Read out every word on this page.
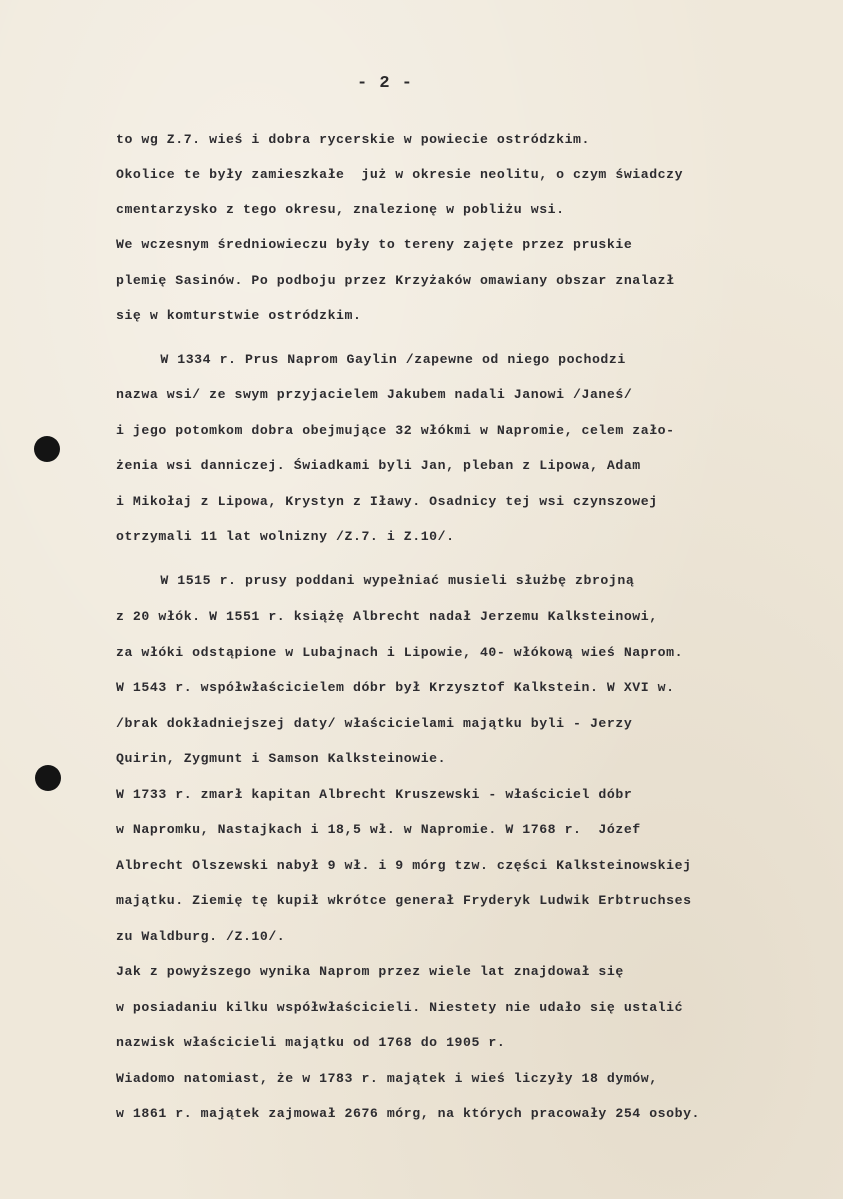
- 2 -
to wg Z.7. wieś i dobra rycerskie w powiecie ostródzkim.
Okolice te były zamieszkałe  już w okresie neolitu, o czym świadczy
cmentarzysko z tego okresu, znalezionę w pobliżu wsi.
We wczesnym średniowieczu były to tereny zajęte przez pruskie
plemię Sasinów. Po podboju przez Krzyżaków omawiany obszar znalazł
się w komturstwie ostródzkim.
W 1334 r. Prus Naprom Gaylin /zapewne od niego pochodzi
nazwa wsi/ ze swym przyjacielem Jakubem nadali Janowi /Janeś/
i jego potomkom dobra obejmujące 32 włókmi w Napromie, celem zało-
żenia wsi danniczej. Świadkami byli Jan, pleban z Lipowa, Adam
i Mikołaj z Lipowa, Krystyn z Iławy. Osadnicy tej wsi czynszowej
otrzymali 11 lat wolnizny /Z.7. i Z.10/.
W 1515 r. prusy poddani wypełniać musieli służbę zbrojną
z 20 włók. W 1551 r. książę Albrecht nadał Jerzemu Kalksteinowi,
za włóki odstąpione w Lubajnach i Lipowie, 40- włókową wieś Naprom.
W 1543 r. współwłaścicielem dóbr był Krzysztof Kalkstein. W XVI w.
/brak dokładniejszej daty/ właścicielami majątku byli - Jerzy
Quirin, Zygmunt i Samson Kalksteinowie.
W 1733 r. zmarł kapitan Albrecht Kruszewski - właściciel dóbr
w Napromku, Nastajkach i 18,5 wł. w Napromie. W 1768 r.  Józef
Albrecht Olszewski nabył 9 wł. i 9 mórg tzw. części Kalksteinowskiej
majątku. Ziemię tę kupił wkrótce generał Fryderyk Ludwik Erbtruchses
zu Waldburg. /Z.10/.
Jak z powyższego wynika Naprom przez wiele lat znajdował się
w posiadaniu kilku współwłaścicieli. Niestety nie udało się ustalić
nazwisk właścicieli majątku od 1768 do 1905 r.
Wiadomo natomiast, że w 1783 r. majątek i wieś liczyły 18 dymów,
w 1861 r. majątek zajmował 2676 mórg, na których pracowały 254 osoby.
